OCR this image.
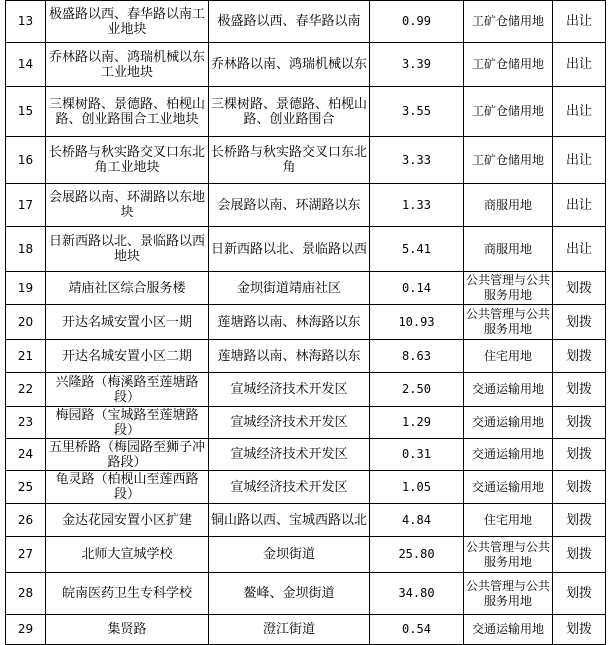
13	极盛路以西、春华路以南工业地块	极盛路以西、春华路以南	0.99	工矿仓储用地	出让
14	乔林路以南、鸿瑞机械以东工业地块	乔林路以南、鸿瑞机械以东	3.39	工矿仓储用地	出让
15	三棵树路、景德路、柏枧山路、创业路围合工业地块	三棵树路、景德路、柏枧山路、创业路围合	3.55	工矿仓储用地	出让
16	长桥路与秋实路交叉口东北角工业地块	长桥路与秋实路交叉口东北角	3.33	工矿仓储用地	出让
17	会展路以南、环湖路以东地块	会展路以南、环湖路以东	1.33	商服用地	出让
18	日新西路以北、景临路以西地块	日新西路以北、景临路以西	5.41	商服用地	出让
19	靖庙社区综合服务楼	金坝街道靖庙社区	0.14	公共管理与公共服务用地	划拨
20	开达名城安置小区一期	莲塘路以南、林海路以东	10.93	公共管理与公共服务用地	划拨
21	开达名城安置小区二期	莲塘路以南、林海路以东	8.63	住宅用地	划拨
22	兴隆路（梅溪路至莲塘路段）	宣城经济技术开发区	2.50	交通运输用地	划拨
23	梅园路（宝城路至莲塘路段）	宣城经济技术开发区	1.29	交通运输用地	划拨
24	五里桥路（梅园路至狮子冲路段）	宣城经济技术开发区	0.31	交通运输用地	划拨
25	龟灵路（柏枧山至莲西路段）	宣城经济技术开发区	1.05	交通运输用地	划拨
26	金达花园安置小区扩建	铜山路以西、宝城西路以北	4.84	住宅用地	划拨
27	北师大宣城学校	金坝街道	25.80	公共管理与公共服务用地	划拨
28	皖南医药卫生专科学校	鳌峰、金坝街道	34.80	公共管理与公共服务用地	划拨
29	集贤路	澄江街道	0.54	交通运输用地	划拨
